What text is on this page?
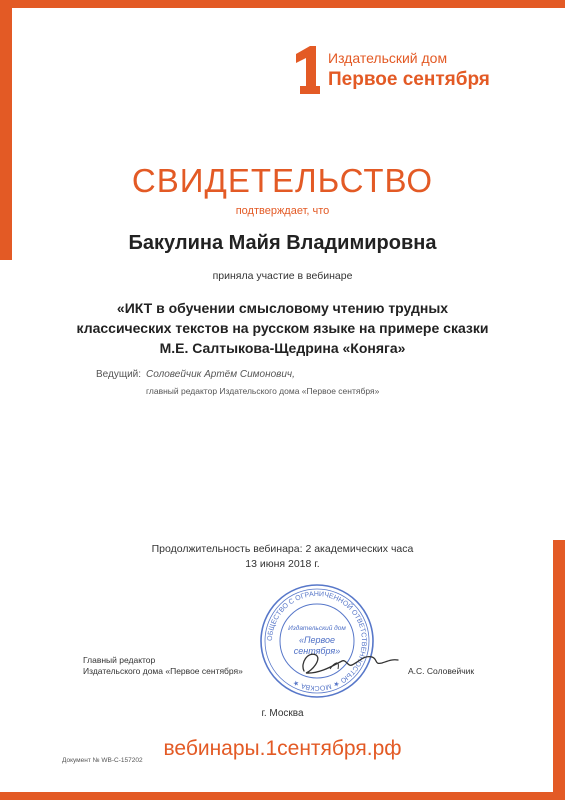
Издательский дом
Первое сентября
СВИДЕТЕЛЬСТВО
подтверждает, что
Бакулина Майя Владимировна
приняла участие в вебинаре
«ИКТ в обучении смысловому чтению трудных классических текстов на русском языке на примере сказки М.Е. Салтыкова-Щедрина «Коняга»
Ведущий: Соловейчик Артём Симонович,
главный редактор Издательского дома «Первое сентября»
Продолжительность вебинара: 2 академических часа
13 июня 2018 г.
ОБЩЕСТВО С ОГРАНИЧЕННОЙ ОТВЕТСТВЕННОСТЬЮ ★ МОСКВА ★
Издательский дом
«Первое
сентября»
Главный редактор
Издательского дома «Первое сентября»	А.С. Соловейчик
г. Москва
вебинары.1сентября.рф
Документ № WB-C-157202
